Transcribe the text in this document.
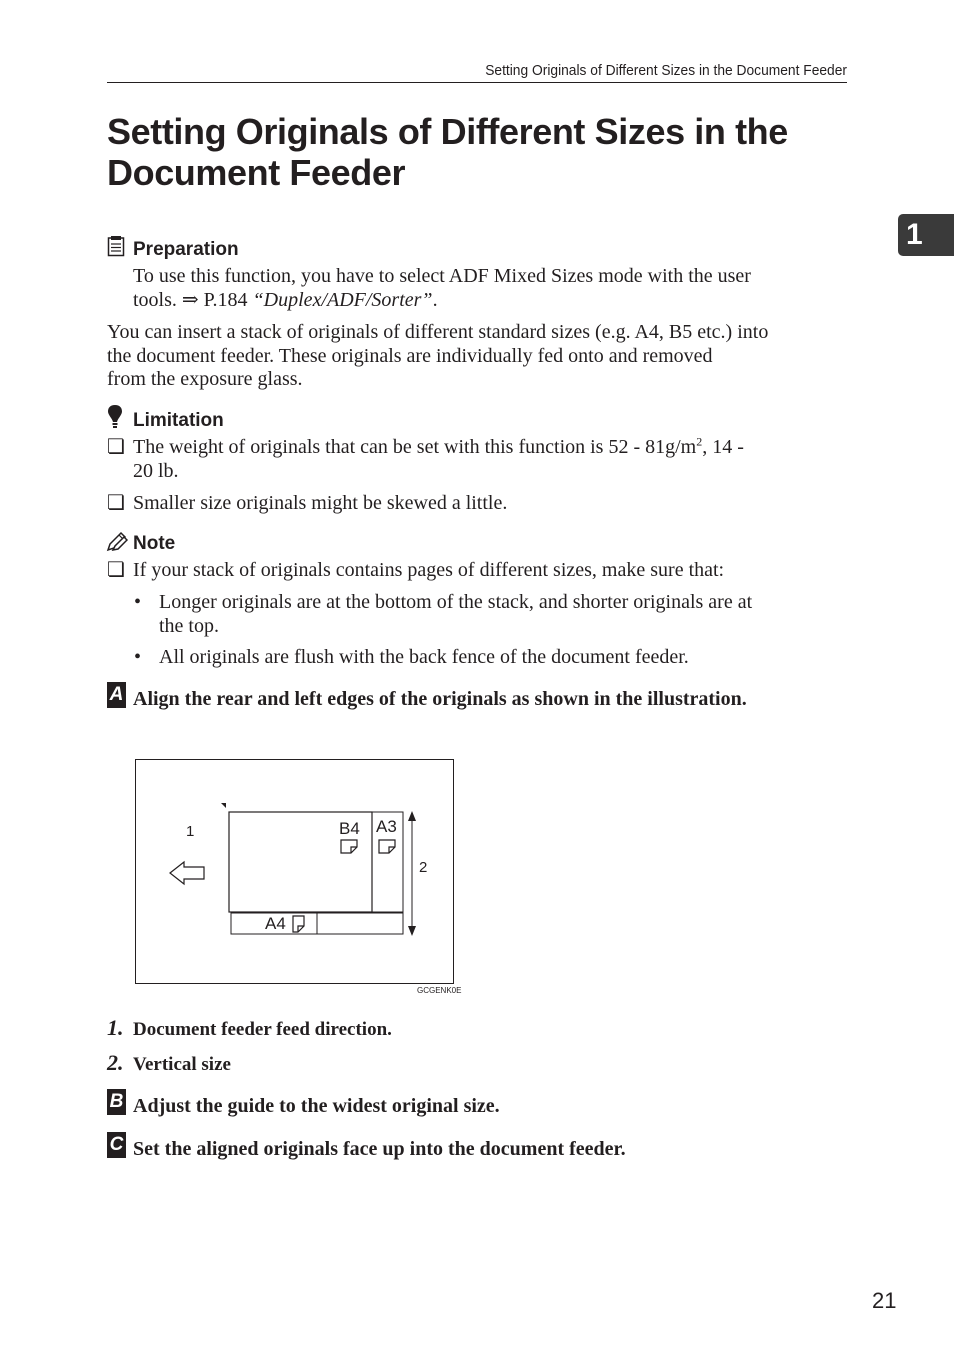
Setting Originals of Different Sizes in the Document Feeder
Setting Originals of Different Sizes in the
Document Feeder
1
Preparation
To use this function, you have to select ADF Mixed Sizes mode with the user
tools. ⇒ P.184 “Duplex/ADF/Sorter”.
You can insert a stack of originals of different standard sizes (e.g. A4, B5 etc.) into
the document feeder. These originals are individually fed onto and removed
from the exposure glass.
Limitation
❏ The weight of originals that can be set with this function is $52 - 81g/m^2$, 14 -
20 lb.
❏ Smaller size originals might be skewed a little.
Note
❏ If your stack of originals contains pages of different sizes, make sure that:
• Longer originals are at the bottom of the stack, and shorter originals are at
the top.
• All originals are flush with the back fence of the document feeder.
A Align the rear and left edges of the originals as shown in the illustration.
1
2
B4 A3
A4
GCGENK0E
1. Document feeder feed direction.
2. Vertical size
B Adjust the guide to the widest original size.
C Set the aligned originals face up into the document feeder.
21
